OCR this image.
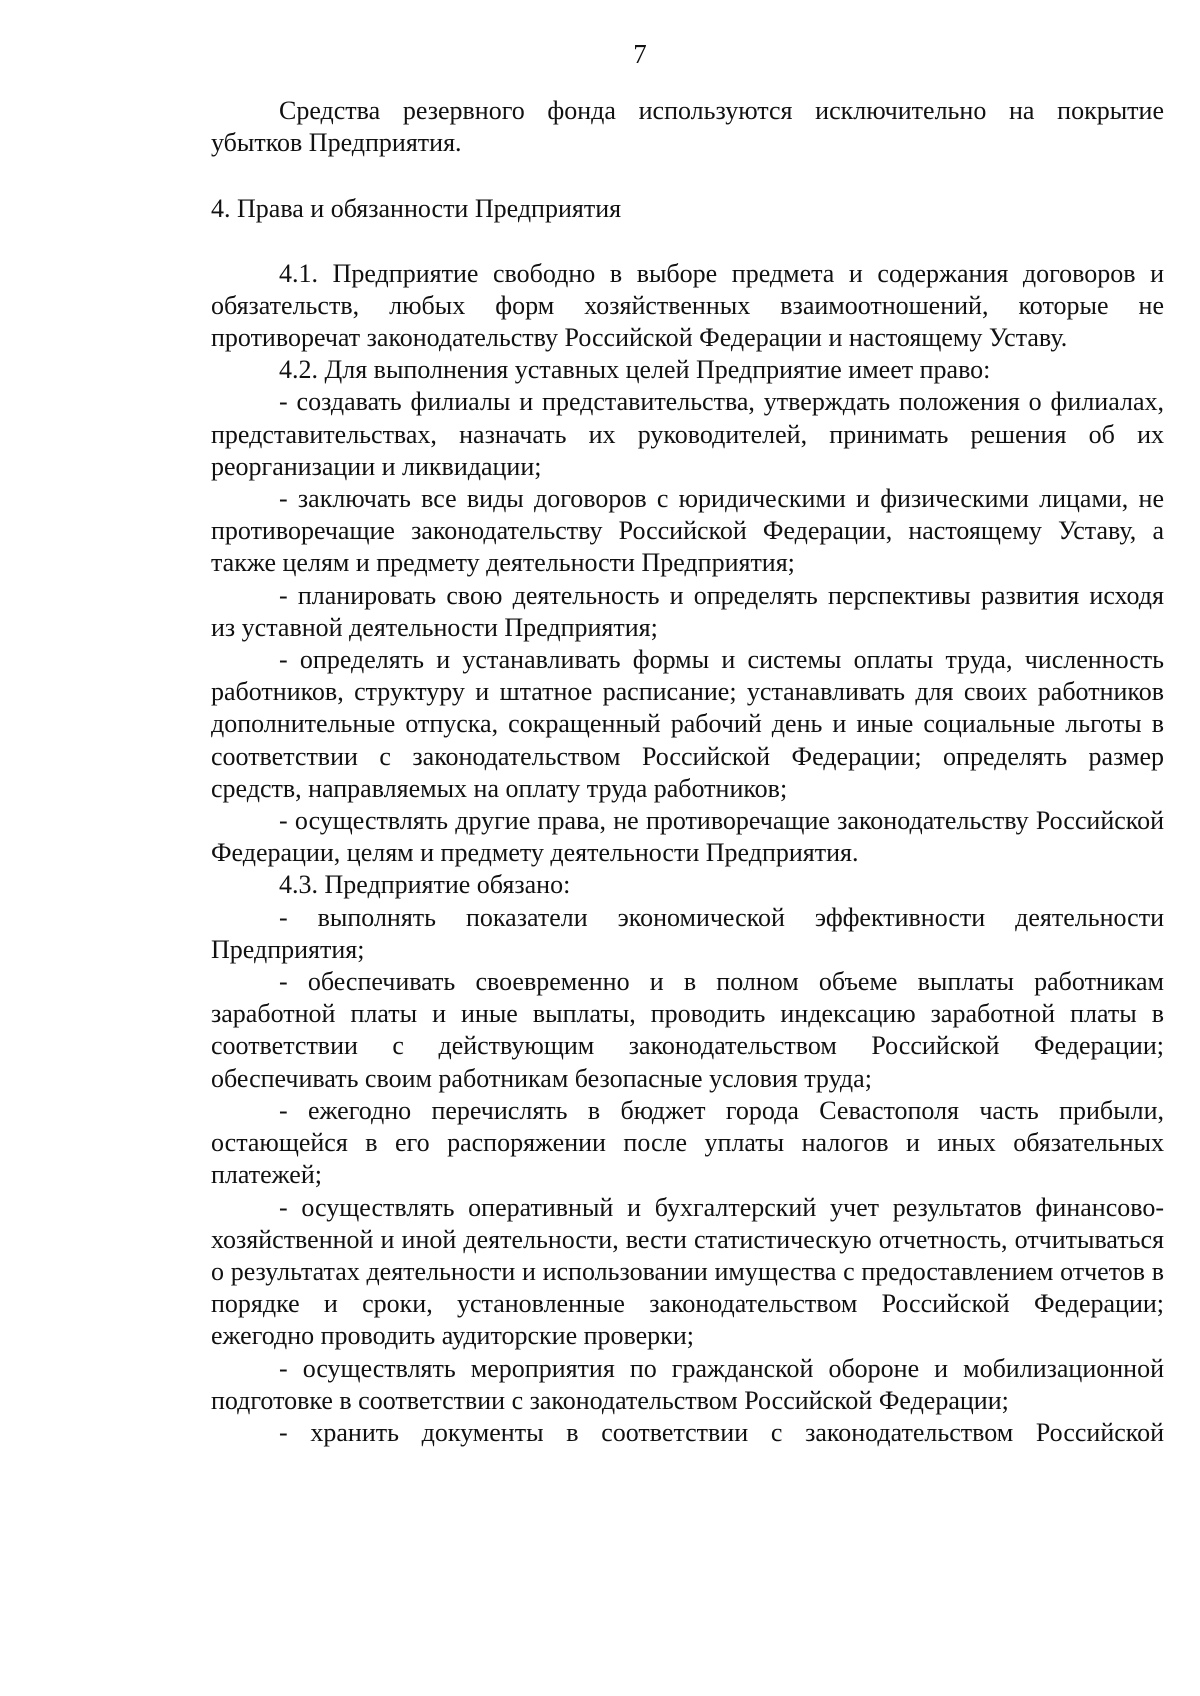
7

Средства резервного фонда используются исключительно на покрытие убытков Предприятия.

4. Права и обязанности Предприятия

4.1. Предприятие свободно в выборе предмета и содержания договоров и обязательств, любых форм хозяйственных взаимоотношений, которые не противоречат законодательству Российской Федерации и настоящему Уставу.

4.2. Для выполнения уставных целей Предприятие имеет право:

- создавать филиалы и представительства, утверждать положения о филиалах, представительствах, назначать их руководителей, принимать решения об их реорганизации и ликвидации;

- заключать все виды договоров с юридическими и физическими лицами, не противоречащие законодательству Российской Федерации, настоящему Уставу, а также целям и предмету деятельности Предприятия;

- планировать свою деятельность и определять перспективы развития исходя из уставной деятельности Предприятия;

- определять и устанавливать формы и системы оплаты труда, численность работников, структуру и штатное расписание; устанавливать для своих работников дополнительные отпуска, сокращенный рабочий день и иные социальные льготы в соответствии с законодательством Российской Федерации; определять размер средств, направляемых на оплату труда работников;

- осуществлять другие права, не противоречащие законодательству Российской Федерации, целям и предмету деятельности Предприятия.

4.3. Предприятие обязано:

- выполнять показатели экономической эффективности деятельности Предприятия;

- обеспечивать своевременно и в полном объеме выплаты работникам заработной платы и иные выплаты, проводить индексацию заработной платы в соответствии с действующим законодательством Российской Федерации; обеспечивать своим работникам безопасные условия труда;

- ежегодно перечислять в бюджет города Севастополя часть прибыли, остающейся в его распоряжении после уплаты налогов и иных обязательных платежей;

- осуществлять оперативный и бухгалтерский учет результатов финансово-хозяйственной и иной деятельности, вести статистическую отчетность, отчитываться о результатах деятельности и использовании имущества с предоставлением отчетов в порядке и сроки, установленные законодательством Российской Федерации; ежегодно проводить аудиторские проверки;

- осуществлять мероприятия по гражданской обороне и мобилизационной подготовке в соответствии с законодательством Российской Федерации;

- хранить документы в соответствии с законодательством Российской
